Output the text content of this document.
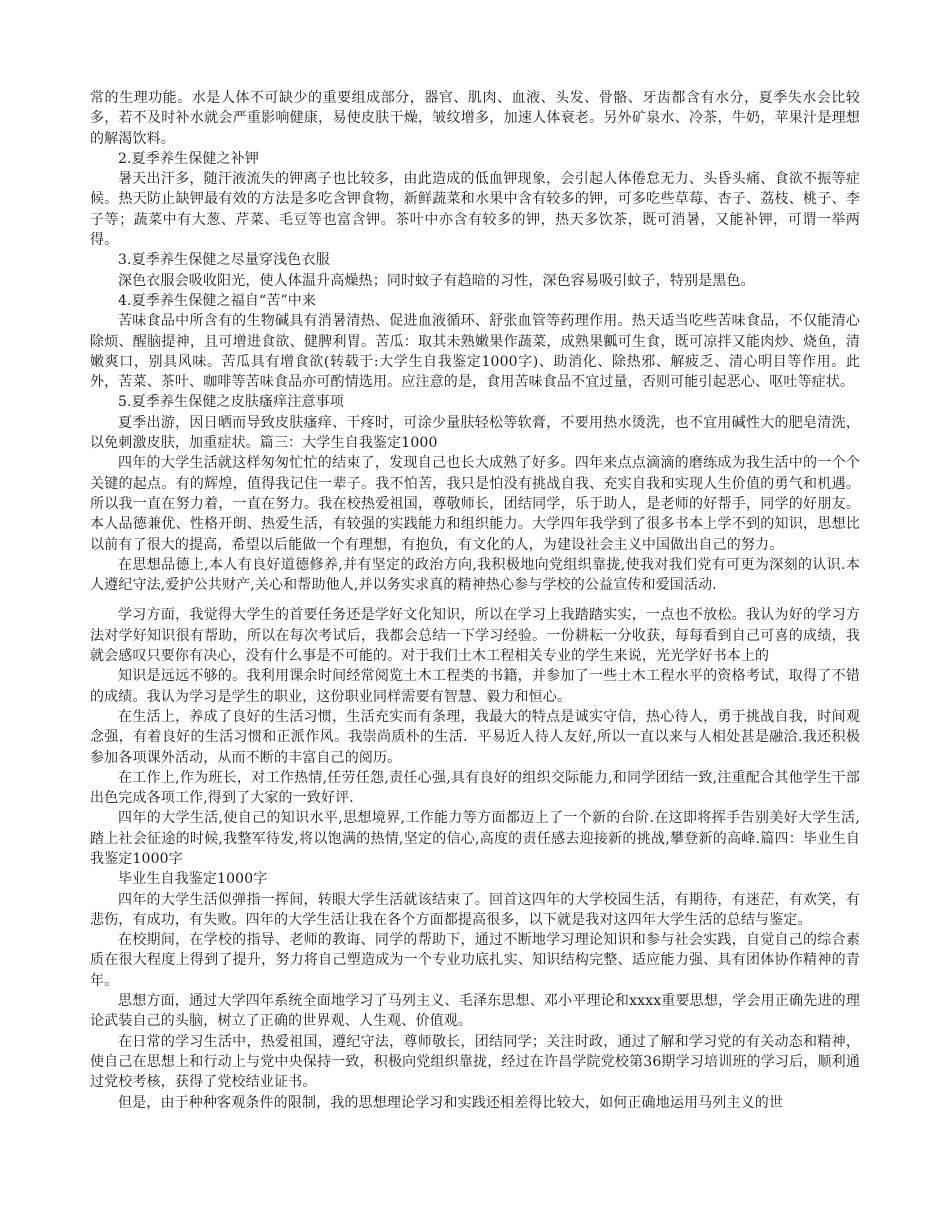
常的生理功能。水是人体不可缺少的重要组成部分，器官、肌肉、血液、头发、骨骼、牙齿都含有水分，夏季失水会比较多，若不及时补水就会严重影响健康，易使皮肤干燥，皱纹增多，加速人体衰老。另外矿泉水、冷茶，牛奶，苹果汁是理想的解渴饮料。

2.夏季养生保健之补钾

暑天出汗多，随汗液流失的钾离子也比较多，由此造成的低血钾现象，会引起人体倦怠无力、头昏头痛、食欲不振等症候。热天防止缺钾最有效的方法是多吃含钾食物，新鲜蔬菜和水果中含有较多的钾，可多吃些草莓、杏子、荔枝、桃子、李子等；蔬菜中有大葱、芹菜、毛豆等也富含钾。茶叶中亦含有较多的钾，热天多饮茶，既可消暑，又能补钾，可谓一举两得。

3.夏季养生保健之尽量穿浅色衣服

深色衣服会吸收阳光，使人体温升高燥热；同时蚊子有趋暗的习性，深色容易吸引蚊子，特别是黑色。

4.夏季养生保健之福自“苦”中来

苦味食品中所含有的生物碱具有消暑清热、促进血液循环、舒张血管等药理作用。热天适当吃些苦味食品，不仅能清心除烦、醒脑提神，且可增进食欲、健脾利胃。苦瓜：取其未熟嫩果作蔬菜，成熟果瓤可生食，既可凉拌又能肉炒、烧鱼，清嫩爽口，别具风味。苦瓜具有增食欲(转载于:大学生自我鉴定1000字)、助消化、除热邪、解疲乏、清心明目等作用。此外，苦菜、茶叶、咖啡等苦味食品亦可酌情选用。应注意的是，食用苦味食品不宜过量，否则可能引起恶心、呕吐等症状。

5.夏季养生保健之皮肤瘙痒注意事项

夏季出游，因日晒而导致皮肤瘙痒、干疼时，可涂少量肤轻松等软膏，不要用热水烫洗，也不宜用碱性大的肥皂清洗，以免刺激皮肤，加重症状。篇三：大学生自我鉴定1000

四年的大学生活就这样匆匆忙忙的结束了，发现自己也长大成熟了好多。四年来点点滴滴的磨练成为我生活中的一个个关键的起点。有的辉煌，值得我记住一辈子。我不怕苦，我只是怕没有挑战自我、充实自我和实现人生价值的勇气和机遇。所以我一直在努力着，一直在努力。我在校热爱祖国，尊敬师长，团结同学，乐于助人，是老师的好帮手，同学的好朋友。本人品德兼优、性格开朗、热爱生活，有较强的实践能力和组织能力。大学四年我学到了很多书本上学不到的知识，思想比以前有了很大的提高，希望以后能做一个有理想，有抱负，有文化的人，为建设社会主义中国做出自己的努力。

在思想品德上,本人有良好道德修养,并有坚定的政治方向,我积极地向党组织靠拢,使我对我们党有可更为深刻的认识.本人遵纪守法,爱护公共财产,关心和帮助他人,并以务实求真的精神热心参与学校的公益宣传和爱国活动.

学习方面，我觉得大学生的首要任务还是学好文化知识，所以在学习上我踏踏实实，一点也不放松。我认为好的学习方法对学好知识很有帮助，所以在每次考试后，我都会总结一下学习经验。一份耕耘一分收获，每每看到自己可喜的成绩，我就会感叹只要你有决心，没有什么事是不可能的。对于我们土木工程相关专业的学生来说，光光学好书本上的

知识是远远不够的。我利用课余时间经常阅览土木工程类的书籍，并参加了一些土木工程水平的资格考试，取得了不错的成绩。我认为学习是学生的职业，这份职业同样需要有智慧、毅力和恒心。

在生活上，养成了良好的生活习惯，生活充实而有条理，我最大的特点是诚实守信，热心待人，勇于挑战自我，时间观念强，有着良好的生活习惯和正派作风。我崇尚质朴的生活．平易近人待人友好,所以一直以来与人相处甚是融洽.我还积极参加各项课外活动，从而不断的丰富自己的阅历。

在工作上,作为班长，对工作热情,任劳任怨,责任心强,具有良好的组织交际能力,和同学团结一致,注重配合其他学生干部出色完成各项工作,得到了大家的一致好评.

四年的大学生活,使自己的知识水平,思想境界,工作能力等方面都迈上了一个新的台阶.在这即将挥手告别美好大学生活,踏上社会征途的时候,我整军待发,将以饱满的热情,坚定的信心,高度的责任感去迎接新的挑战,攀登新的高峰.篇四：毕业生自我鉴定1000字

毕业生自我鉴定1000字

四年的大学生活似弹指一挥间，转眼大学生活就该结束了。回首这四年的大学校园生活，有期待，有迷茫，有欢笑，有悲伤，有成功，有失败。四年的大学生活让我在各个方面都提高很多，以下就是我对这四年大学生活的总结与鉴定。

在校期间，在学校的指导、老师的教诲、同学的帮助下，通过不断地学习理论知识和参与社会实践，自觉自己的综合素质在很大程度上得到了提升，努力将自己塑造成为一个专业功底扎实、知识结构完整、适应能力强、具有团体协作精神的青年。

思想方面，通过大学四年系统全面地学习了马列主义、毛泽东思想、邓小平理论和xxxx重要思想，学会用正确先进的理论武装自己的头脑，树立了正确的世界观、人生观、价值观。

在日常的学习生活中，热爱祖国，遵纪守法，尊师敬长，团结同学；关注时政，通过了解和学习党的有关动态和精神，使自己在思想上和行动上与党中央保持一致，积极向党组织靠拢，经过在许昌学院党校第36期学习培训班的学习后，顺利通过党校考核，获得了党校结业证书。

但是，由于种种客观条件的限制，我的思想理论学习和实践还相差得比较大，如何正确地运用马列主义的世
